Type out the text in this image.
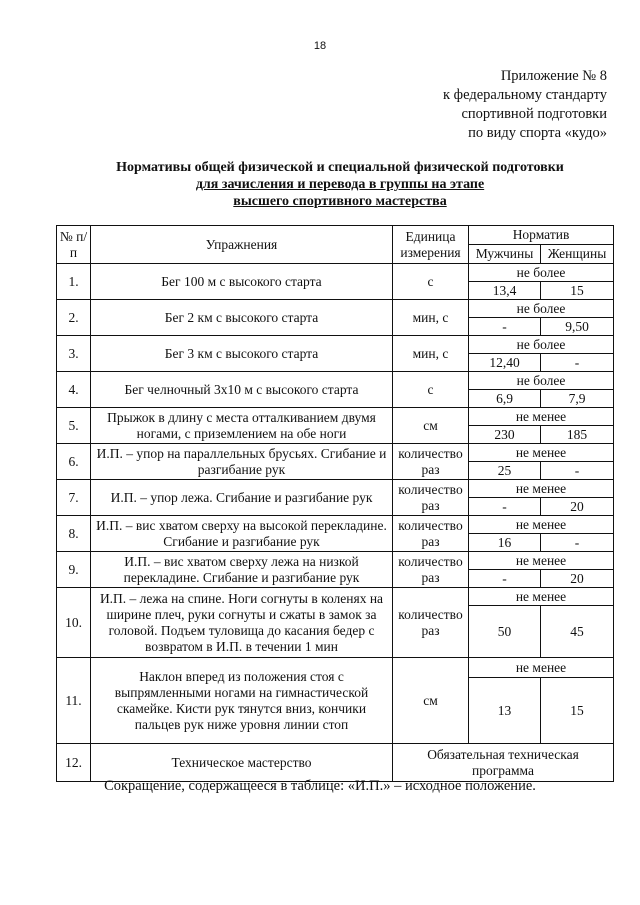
18
Приложение № 8
к федеральному стандарту
спортивной подготовки
по виду спорта «кудо»
Нормативы общей физической и специальной физической подготовки
для зачисления и перевода в группы на этапе
высшего спортивного мастерства
№ п/п	Упражнения	Единица измерения	Норматив	
			Мужчины	Женщины
1.	Бег 100 м с высокого старта	с	не более	
			13,4	15
2.	Бег 2 км с высокого старта	мин, с	не более	
			-	9,50
3.	Бег 3 км с высокого старта	мин, с	не более	
			12,40	-
4.	Бег челночный 3х10 м с высокого старта	с	не более	
			6,9	7,9
5.	Прыжок в длину с места отталкиванием двумя ногами, с приземлением на обе ноги	см	не менее	
			230	185
6.	И.П. – упор на параллельных брусьях. Сгибание и разгибание рук	количество раз	не менее	
			25	-
7.	И.П. – упор лежа. Сгибание и разгибание рук	количество раз	не менее	
			-	20
8.	И.П. – вис хватом сверху на высокой перекладине. Сгибание и разгибание рук	количество раз	не менее	
			16	-
9.	И.П. – вис хватом сверху лежа на низкой перекладине. Сгибание и разгибание рук	количество раз	не менее	
			-	20
10.	И.П. – лежа на спине. Ноги согнуты в коленях на ширине плеч, руки согнуты и сжаты в замок за головой. Подъем туловища до касания бедер с возвратом в И.П. в течении 1 мин	количество раз	не менее	
			50	45
11.	Наклон вперед из положения стоя с выпрямленными ногами на гимнастической скамейке. Кисти рук тянутся вниз, кончики пальцев рук ниже уровня линии стоп	см	не менее	
			13	15
12.	Техническое мастерство	Обязательная техническая программа		
Сокращение, содержащееся в таблице: «И.П.» – исходное положение.
